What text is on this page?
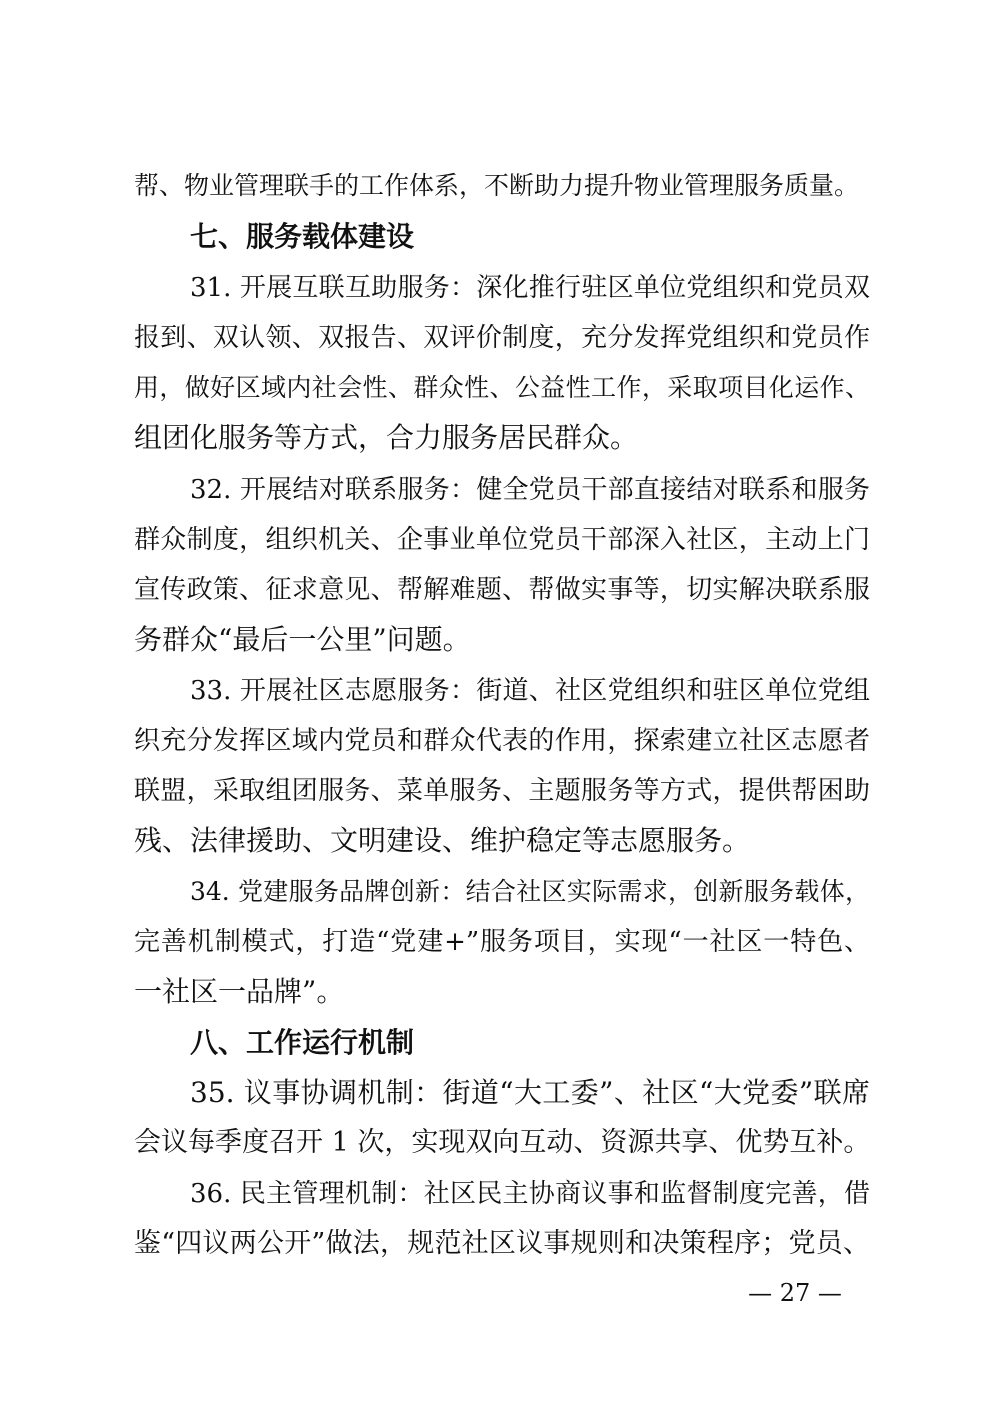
帮、物业管理联手的工作体系，不断助力提升物业管理服务质量。
七、服务载体建设
31. 开展互联互助服务：深化推行驻区单位党组织和党员双
报到、双认领、双报告、双评价制度，充分发挥党组织和党员作
用，做好区域内社会性、群众性、公益性工作，采取项目化运作、
组团化服务等方式，合力服务居民群众。
32. 开展结对联系服务：健全党员干部直接结对联系和服务
群众制度，组织机关、企事业单位党员干部深入社区，主动上门
宣传政策、征求意见、帮解难题、帮做实事等，切实解决联系服
务群众“最后一公里”问题。
33. 开展社区志愿服务：街道、社区党组织和驻区单位党组
织充分发挥区域内党员和群众代表的作用，探索建立社区志愿者
联盟，采取组团服务、菜单服务、主题服务等方式，提供帮困助
残、法律援助、文明建设、维护稳定等志愿服务。
34. 党建服务品牌创新：结合社区实际需求，创新服务载体，
完善机制模式，打造“党建+”服务项目，实现“一社区一特色、
一社区一品牌”。
八、工作运行机制
35. 议事协调机制：街道“大工委”、社区“大党委”联席
会议每季度召开 1 次，实现双向互动、资源共享、优势互补。
36. 民主管理机制：社区民主协商议事和监督制度完善，借
鉴“四议两公开”做法，规范社区议事规则和决策程序；党员、
— 27 —
